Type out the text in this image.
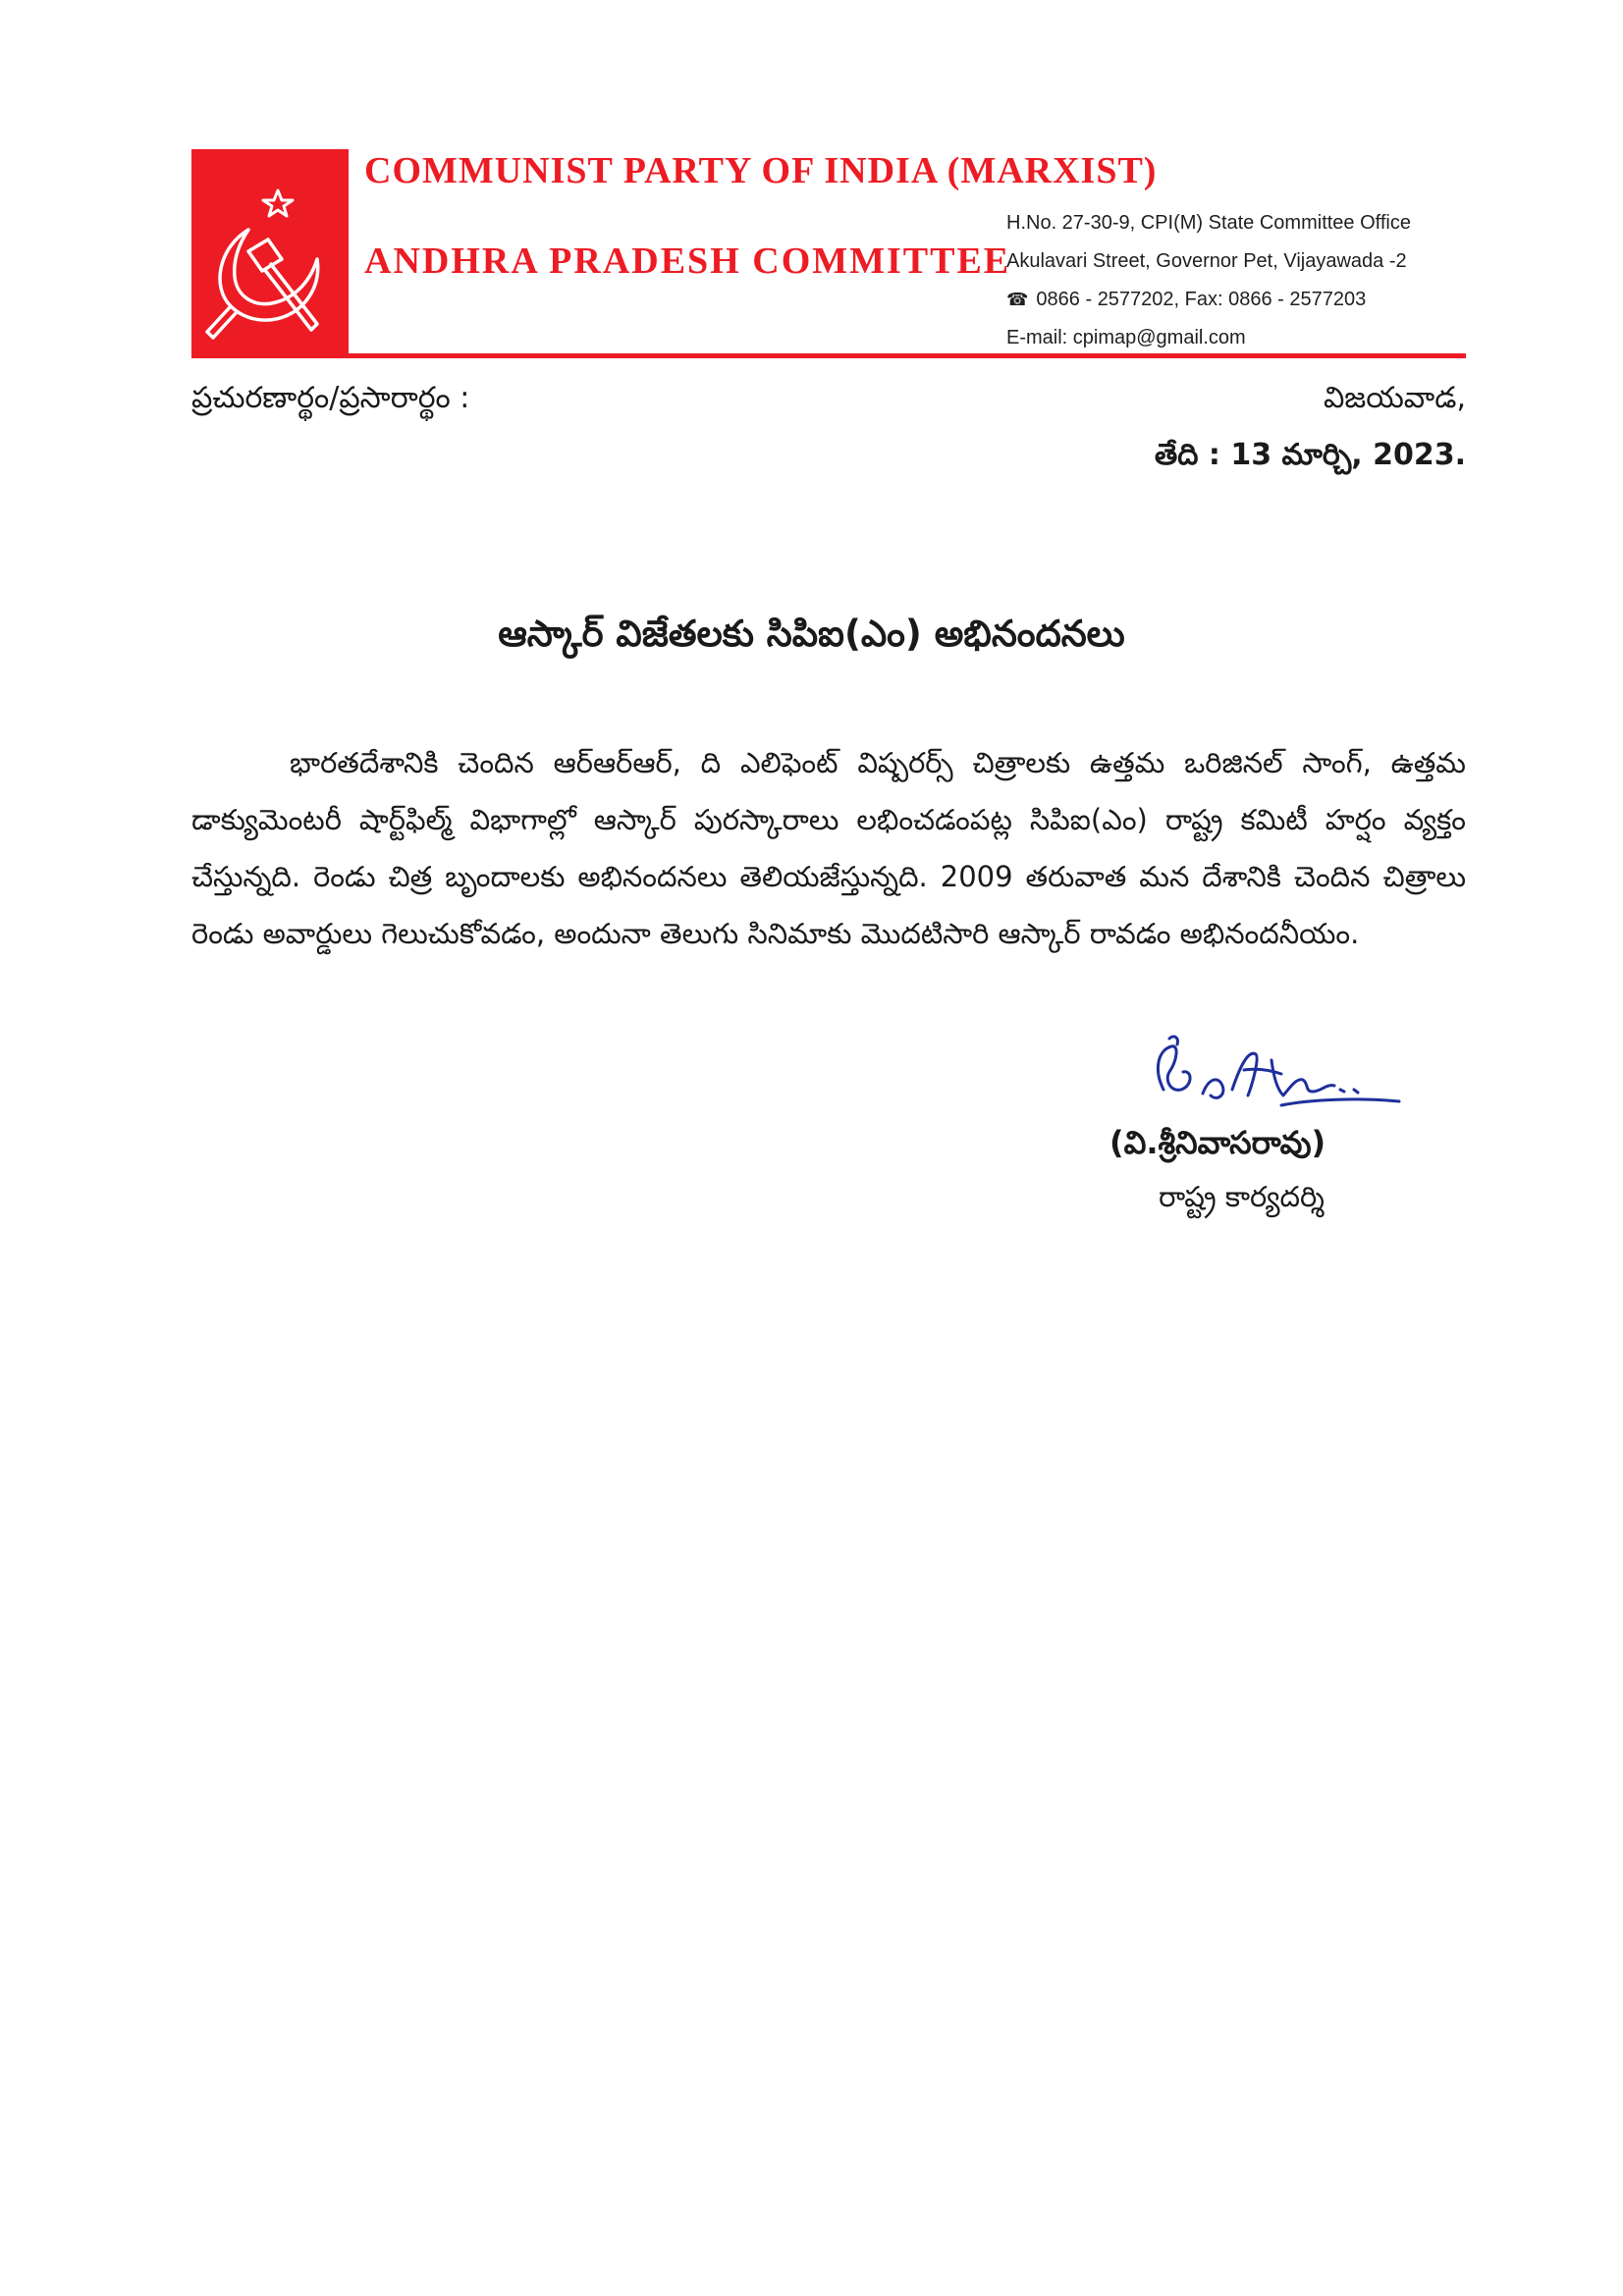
COMMUNIST PARTY OF INDIA (MARXIST)
ANDHRA PRADESH COMMITTEE
H.No. 27-30-9, CPI(M) State Committee Office
Akulavari Street, Governor Pet, Vijayawada -2
☎ 0866 - 2577202, Fax: 0866 - 2577203
E-mail: cpimap@gmail.com
ప్రచురణార్థం/ప్రసారార్థం :	విజయవాడ,
తేది : 13 మార్చి, 2023.
ఆస్కార్‌ విజేతలకు సిపిఐ(ఎం) అభినందనలు

భారతదేశానికి చెందిన ఆర్‌ఆర్‌ఆర్‌, ది ఎలిఫెంట్‌ విష్పరర్స్‌ చిత్రాలకు ఉత్తమ ఒరిజినల్‌ సాంగ్‌, ఉత్తమ డాక్యుమెంటరీ షార్ట్‌ఫిల్మ్‌ విభాగాల్లో ఆస్కార్‌ పురస్కారాలు లభించడంపట్ల సిపిఐ(ఎం) రాష్ట్ర కమిటీ హర్షం వ్యక్తం చేస్తున్నది. రెండు చిత్ర బృందాలకు అభినందనలు తెలియజేస్తున్నది. 2009 తరువాత మన దేశానికి చెందిన చిత్రాలు రెండు అవార్డులు గెలుచుకోవడం, అందునా తెలుగు సినిమాకు మొదటిసారి ఆస్కార్‌ రావడం అభినందనీయం.

(వి.శ్రీనివాసరావు)
రాష్ట్ర కార్యదర్శి
